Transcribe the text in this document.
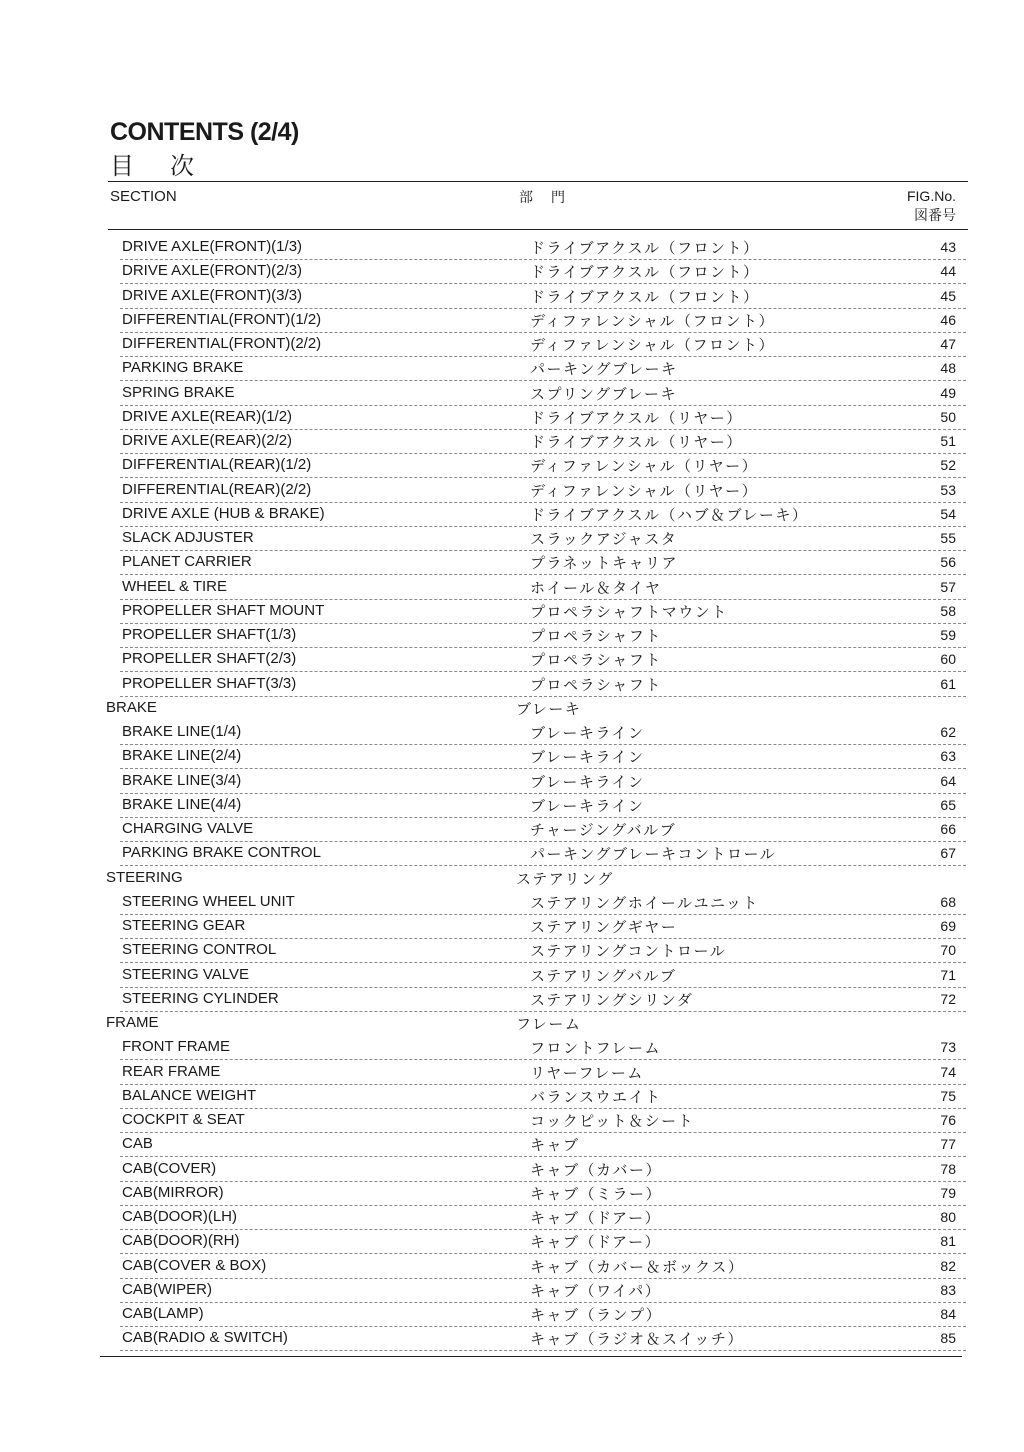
CONTENTS (2/4)
目　次
SECTION	部　門	FIG.No.
図番号
DRIVE AXLE(FRONT)(1/3)	ドライブアクスル（フロント）	43
DRIVE AXLE(FRONT)(2/3)	ドライブアクスル（フロント）	44
DRIVE AXLE(FRONT)(3/3)	ドライブアクスル（フロント）	45
DIFFERENTIAL(FRONT)(1/2)	ディファレンシャル（フロント）	46
DIFFERENTIAL(FRONT)(2/2)	ディファレンシャル（フロント）	47
PARKING BRAKE	パーキングブレーキ	48
SPRING BRAKE	スプリングブレーキ	49
DRIVE AXLE(REAR)(1/2)	ドライブアクスル（リヤー）	50
DRIVE AXLE(REAR)(2/2)	ドライブアクスル（リヤー）	51
DIFFERENTIAL(REAR)(1/2)	ディファレンシャル（リヤー）	52
DIFFERENTIAL(REAR)(2/2)	ディファレンシャル（リヤー）	53
DRIVE AXLE (HUB & BRAKE)	ドライブアクスル（ハブ＆ブレーキ）	54
SLACK ADJUSTER	スラックアジャスタ	55
PLANET CARRIER	プラネットキャリア	56
WHEEL & TIRE	ホイール＆タイヤ	57
PROPELLER SHAFT MOUNT	プロペラシャフトマウント	58
PROPELLER SHAFT(1/3)	プロペラシャフト	59
PROPELLER SHAFT(2/3)	プロペラシャフト	60
PROPELLER SHAFT(3/3)	プロペラシャフト	61
BRAKE	ブレーキ
BRAKE LINE(1/4)	ブレーキライン	62
BRAKE LINE(2/4)	ブレーキライン	63
BRAKE LINE(3/4)	ブレーキライン	64
BRAKE LINE(4/4)	ブレーキライン	65
CHARGING VALVE	チャージングバルブ	66
PARKING BRAKE CONTROL	パーキングブレーキコントロール	67
STEERING	ステアリング
STEERING WHEEL UNIT	ステアリングホイールユニット	68
STEERING GEAR	ステアリングギヤー	69
STEERING CONTROL	ステアリングコントロール	70
STEERING VALVE	ステアリングバルブ	71
STEERING CYLINDER	ステアリングシリンダ	72
FRAME	フレーム
FRONT FRAME	フロントフレーム	73
REAR FRAME	リヤーフレーム	74
BALANCE WEIGHT	バランスウエイト	75
COCKPIT & SEAT	コックピット＆シート	76
CAB	キャブ	77
CAB(COVER)	キャブ（カバー）	78
CAB(MIRROR)	キャブ（ミラー）	79
CAB(DOOR)(LH)	キャブ（ドアー）	80
CAB(DOOR)(RH)	キャブ（ドアー）	81
CAB(COVER & BOX)	キャブ（カバー＆ボックス）	82
CAB(WIPER)	キャブ（ワイパ）	83
CAB(LAMP)	キャブ（ランプ）	84
CAB(RADIO & SWITCH)	キャブ（ラジオ＆スイッチ）	85
